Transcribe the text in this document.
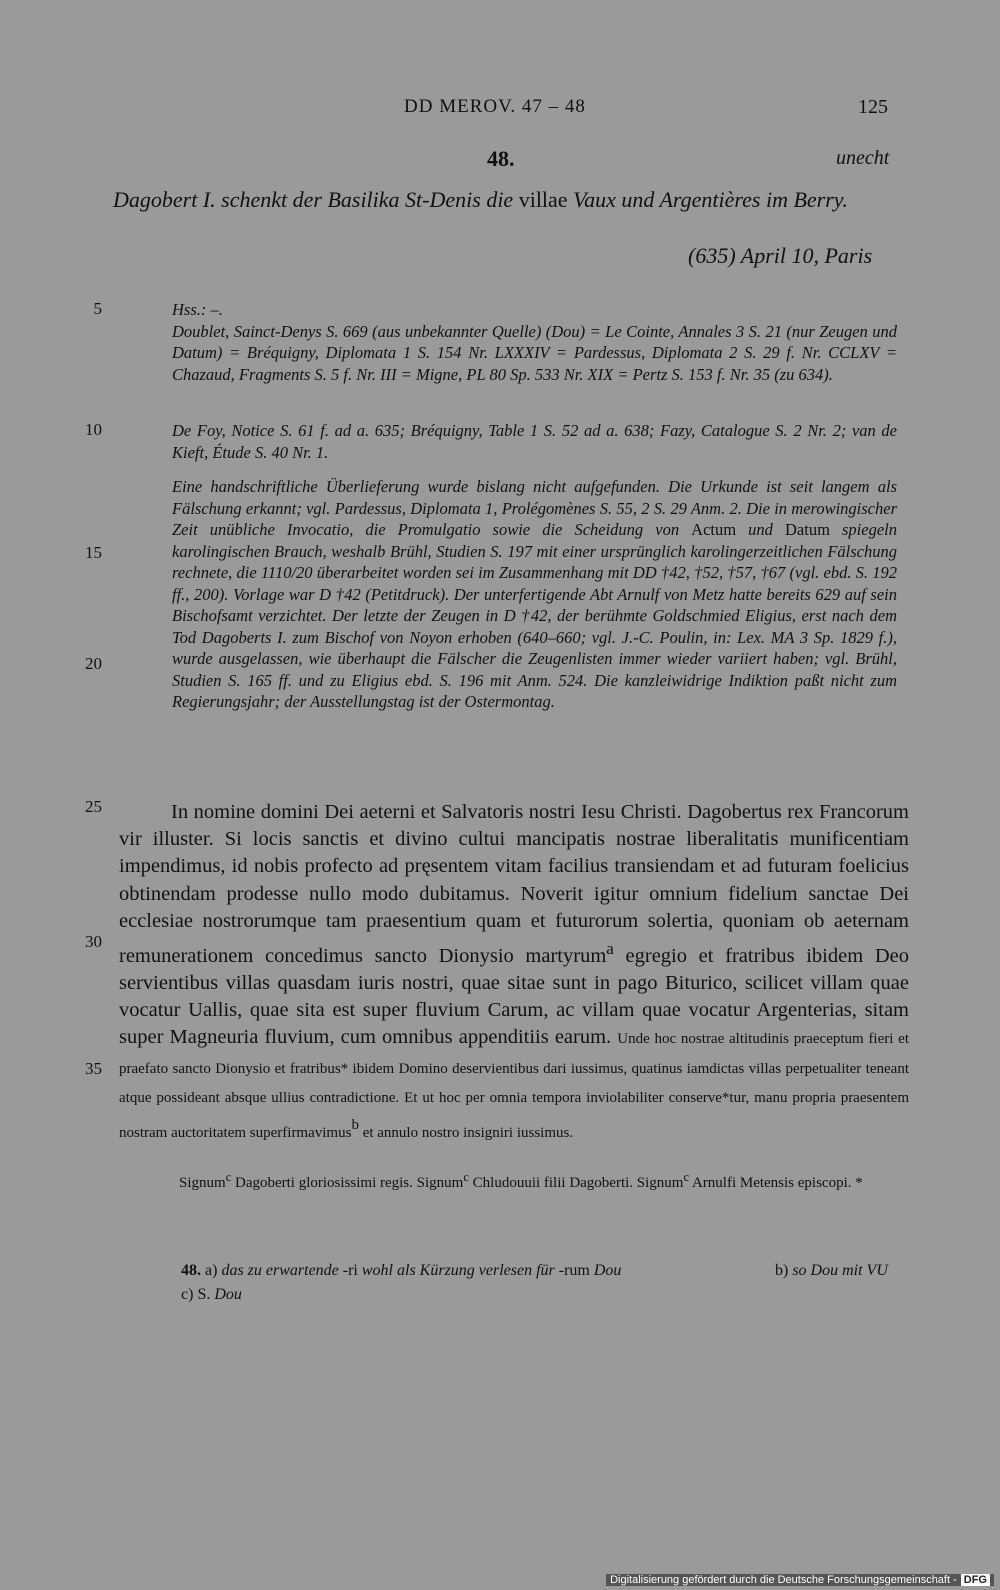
DD MEROV. 47 – 48	125
48.	unecht
Dagobert I. schenkt der Basilika St-Denis die villae Vaux und Argentières im Berry.
(635) April 10, Paris
5
10
15
20
25
30
35

Hss.: –.

Doublet, Sainct-Denys S. 669 (aus unbekannter Quelle) (Dou) = Le Cointe, Annales 3 S. 21 (nur Zeugen und Datum) = Bréquigny, Diplomata 1 S. 154 Nr. LXXXIV = Pardessus, Diplomata 2 S. 29 f. Nr. CCLXV = Chazaud, Fragments S. 5 f. Nr. III = Migne, PL 80 Sp. 533 Nr. XIX = Pertz S. 153 f. Nr. 35 (zu 634).

De Foy, Notice S. 61 f. ad a. 635; Bréquigny, Table 1 S. 52 ad a. 638; Fazy, Catalogue S. 2 Nr. 2; van de Kieft, Étude S. 40 Nr. 1.

Eine handschriftliche Überlieferung wurde bislang nicht aufgefunden. Die Urkunde ist seit langem als Fälschung erkannt; vgl. Pardessus, Diplomata 1, Prolégomènes S. 55, 2 S. 29 Anm. 2. Die in merowingischer Zeit unübliche Invocatio, die Promulgatio sowie die Scheidung von Actum und Datum spiegeln karolingischen Brauch, weshalb Brühl, Studien S. 197 mit einer ursprünglich karolingerzeitlichen Fälschung rechnete, die 1110/20 überarbeitet worden sei im Zusammenhang mit DD †42, †52, †57, †67 (vgl. ebd. S. 192 ff., 200). Vorlage war D †42 (Petitdruck). Der unterfertigende Abt Arnulf von Metz hatte bereits 629 auf sein Bischofsamt verzichtet. Der letzte der Zeugen in D †42, der berühmte Goldschmied Eligius, erst nach dem Tod Dagoberts I. zum Bischof von Noyon erhoben (640–660; vgl. J.-C. Poulin, in: Lex. MA 3 Sp. 1829 f.), wurde ausgelassen, wie überhaupt die Fälscher die Zeugenlisten immer wieder variiert haben; vgl. Brühl, Studien S. 165 ff. und zu Eligius ebd. S. 196 mit Anm. 524. Die kanzleiwidrige Indiktion paßt nicht zum Regierungsjahr; der Ausstellungstag ist der Ostermontag.

In nomine domini Dei aeterni et Salvatoris nostri Iesu Christi. Dagobertus rex Francorum vir illuster. Si locis sanctis et divino cultui mancipatis nostrae liberalitatis munificentiam impendimus, id nobis profecto ad pręsentem vitam facilius transiendam et ad futuram foelicius obtinendam prodesse nullo modo dubitamus. Noverit igitur omnium fidelium sanctae Dei ecclesiae nostrorumque tam praesentium quam et futurorum solertia, quoniam ob aeternam remunerationem concedimus sancto Dionysio martyrum$^a$ egregio et fratribus ibidem Deo servientibus villas quasdam iuris nostri, quae sitae sunt in pago Biturico, scilicet villam quae vocatur Uallis, quae sita est super fluvium Carum, ac villam quae vocatur Argenterias, sitam super Magneuria fluvium, cum omnibus appenditiis earum. Unde hoc nostrae altitudinis praeceptum fieri et praefato sancto Dionysio et fratribus* ibidem Domino deservientibus dari iussimus, quatinus iamdictas villas perpetualiter teneant atque possideant absque ullius contradictione. Et ut hoc per omnia tempora inviolabiliter conserve*tur, manu propria praesentem nostram auctoritatem superfirmavimus$^b$ et annulo nostro insigniri iussimus.
Signum$^c$ Dagoberti gloriosissimi regis. Signum$^c$ Chludouuii filii Dagoberti. Signum$^c$ Arnulfi Metensis episcopi. *
48. a) das zu erwartende -ri wohl als Kürzung verlesen für -rum Dou	b) so Dou mit VU
c) S. Dou
Digitalisierung gefördert durch die Deutsche Forschungsgemeinschaft - DFG
